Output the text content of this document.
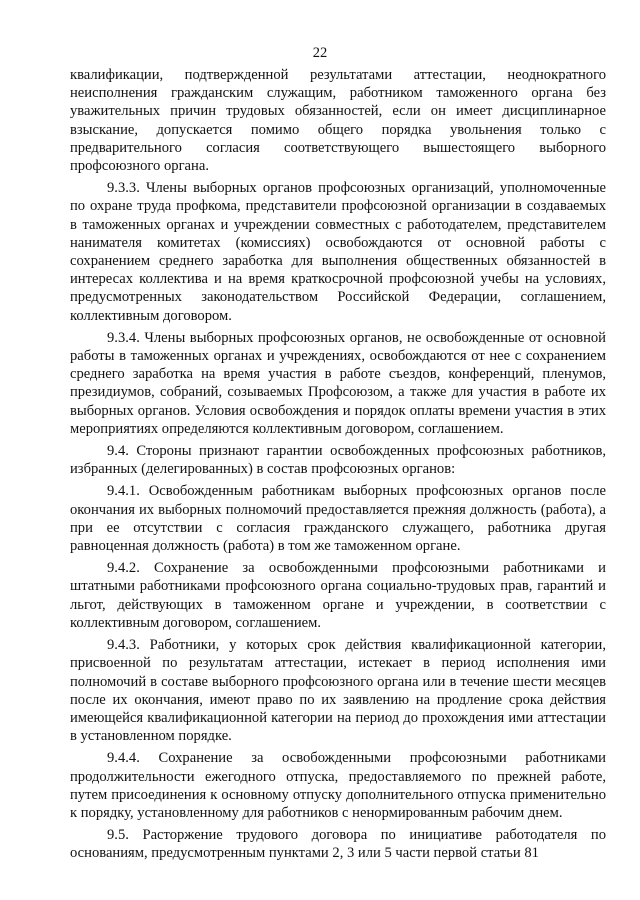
22

квалификации, подтвержденной результатами аттестации, неоднократного неисполнения гражданским служащим, работником таможенного органа без уважительных причин трудовых обязанностей, если он имеет дисциплинарное взыскание, допускается помимо общего порядка увольнения только с предварительного согласия соответствующего вышестоящего выборного профсоюзного органа.

9.3.3. Члены выборных органов профсоюзных организаций, уполномоченные по охране труда профкома, представители профсоюзной организации в создаваемых в таможенных органах и учреждении совместных с работодателем, представителем нанимателя комитетах (комиссиях) освобождаются от основной работы с сохранением среднего заработка для выполнения общественных обязанностей в интересах коллектива и на время краткосрочной профсоюзной учебы на условиях, предусмотренных законодательством Российской Федерации, соглашением, коллективным договором.

9.3.4. Члены выборных профсоюзных органов, не освобожденные от основной работы в таможенных органах и учреждениях, освобождаются от нее с сохранением среднего заработка на время участия в работе съездов, конференций, пленумов, президиумов, собраний, созываемых Профсоюзом, а также для участия в работе их выборных органов. Условия освобождения и порядок оплаты времени участия в этих мероприятиях определяются коллективным договором, соглашением.

9.4. Стороны признают гарантии освобожденных профсоюзных работников, избранных (делегированных) в состав профсоюзных органов:

9.4.1. Освобожденным работникам выборных профсоюзных органов после окончания их выборных полномочий предоставляется прежняя должность (работа), а при ее отсутствии с согласия гражданского служащего, работника другая равноценная должность (работа) в том же таможенном органе.

9.4.2. Сохранение за освобожденными профсоюзными работниками и штатными работниками профсоюзного органа социально-трудовых прав, гарантий и льгот, действующих в таможенном органе и учреждении, в соответствии с коллективным договором, соглашением.

9.4.3. Работники, у которых срок действия квалификационной категории, присвоенной по результатам аттестации, истекает в период исполнения ими полномочий в составе выборного профсоюзного органа или в течение шести месяцев после их окончания, имеют право по их заявлению на продление срока действия имеющейся квалификационной категории на период до прохождения ими аттестации в установленном порядке.

9.4.4. Сохранение за освобожденными профсоюзными работниками продолжительности ежегодного отпуска, предоставляемого по прежней работе, путем присоединения к основному отпуску дополнительного отпуска применительно к порядку, установленному для работников с ненормированным рабочим днем.

9.5. Расторжение трудового договора по инициативе работодателя по основаниям, предусмотренным пунктами 2, 3 или 5 части первой статьи 81
